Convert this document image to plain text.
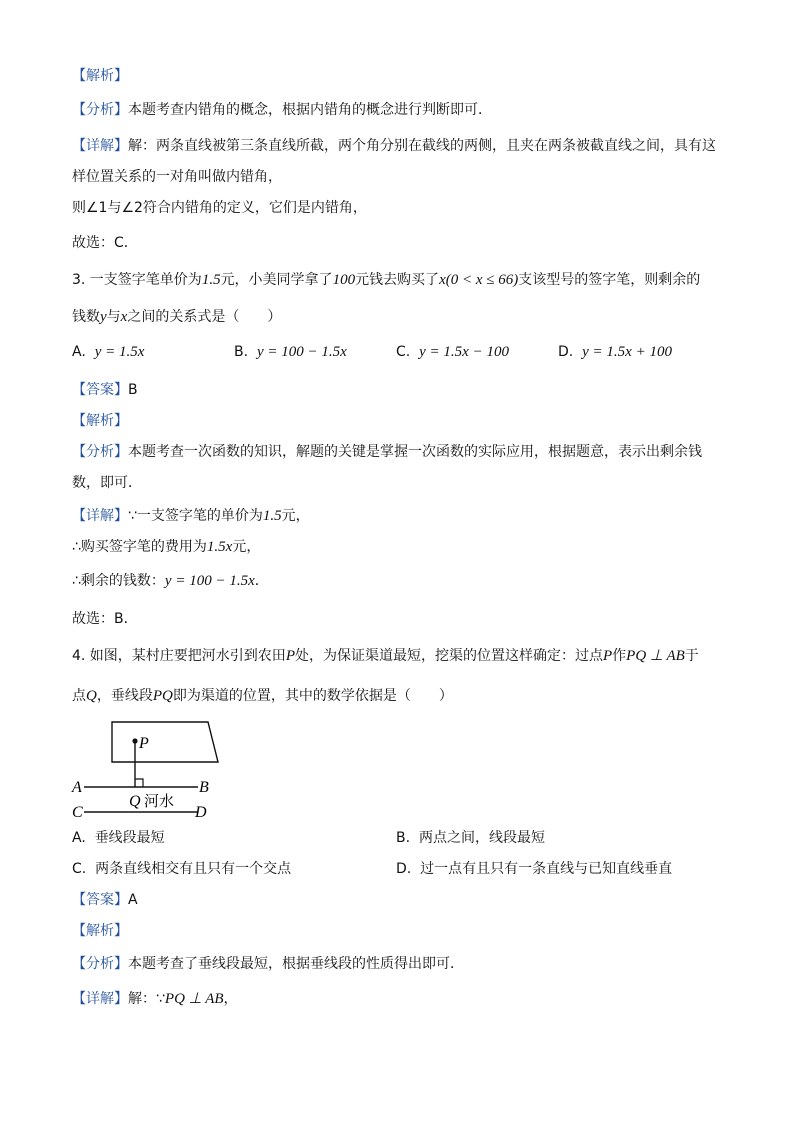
【解析】
【分析】本题考查内错角的概念，根据内错角的概念进行判断即可．
【详解】解：两条直线被第三条直线所截，两个角分别在截线的两侧，且夹在两条被截直线之间，具有这
样位置关系的一对角叫做内错角，
则∠1与∠2符合内错角的定义，它们是内错角，
故选：C．
3. 一支签字笔单价为1.5元，小美同学拿了100元钱去购买了x(0 < x ≤ 66)支该型号的签字笔，则剩余的
钱数y与x之间的关系式是（　　）
A. y = 1.5x	B. y = 100 − 1.5x	C. y = 1.5x − 100	D. y = 1.5x + 100
【答案】B
【解析】
【分析】本题考查一次函数的知识，解题的关键是掌握一次函数的实际应用，根据题意，表示出剩余钱
数，即可．
【详解】∵一支签字笔的单价为1.5元，
∴购买签字笔的费用为1.5x元，
∴剩余的钱数：y = 100 − 1.5x．
故选：B．
4. 如图，某村庄要把河水引到农田P处，为保证渠道最短，挖渠的位置这样确定：过点P作PQ ⊥ AB于
点Q，垂线段PQ即为渠道的位置，其中的数学依据是（　　）
P
A	B
Q 河水
C	D
A. 垂线段最短	B. 两点之间，线段最短
C. 两条直线相交有且只有一个交点	D. 过一点有且只有一条直线与已知直线垂直
【答案】A
【解析】
【分析】本题考查了垂线段最短，根据垂线段的性质得出即可．
【详解】解：∵PQ ⊥ AB，
